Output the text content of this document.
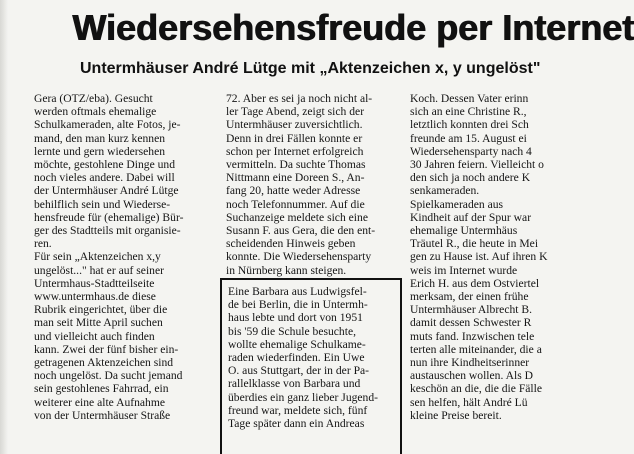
Wiedersehensfreude per Internet
Untermhäuser André Lütge mit „Aktenzeichen x, y ungelöst"
Gera (OTZ/eba). Gesucht
werden oftmals ehemalige
Schulkameraden, alte Fotos, je-
mand, den man kurz kennen
lernte und gern wiedersehen
möchte, gestohlene Dinge und
noch vieles andere. Dabei will
der Untermhäuser André Lütge
behilflich sein und Wiederse-
hensfreude für (ehemalige) Bür-
ger des Stadtteils mit organisie-
ren.
Für sein „Aktenzeichen x,y
ungelöst..." hat er auf seiner
Untermhaus-Stadtteilseite
www.untermhaus.de diese
Rubrik eingerichtet, über die
man seit Mitte April suchen
und vielleicht auch finden
kann. Zwei der fünf bisher ein-
getragenen Aktenzeichen sind
noch ungelöst. Da sucht jemand
sein gestohlenes Fahrrad, ein
weiterer eine alte Aufnahme
von der Untermhäuser Straße
72. Aber es sei ja noch nicht al-
ler Tage Abend, zeigt sich der
Untermhäuser zuversichtlich.
Denn in drei Fällen konnte er
schon per Internet erfolgreich
vermitteln. Da suchte Thomas
Nittmann eine Doreen S., An-
fang 20, hatte weder Adresse
noch Telefonnummer. Auf die
Suchanzeige meldete sich eine
Susann F. aus Gera, die den ent-
scheidenden Hinweis geben
konnte. Die Wiedersehensparty
in Nürnberg kann steigen.
Eine Barbara aus Ludwigsfel-
de bei Berlin, die in Untermh-
haus lebte und dort von 1951
bis '59 die Schule besuchte,
wollte ehemalige Schulkame-
raden wiederfinden. Ein Uwe
O. aus Stuttgart, der in der Pa-
rallelklasse von Barbara und
überdies ein ganz lieber Jugend-
freund war, meldete sich, fünf
Tage später dann ein Andreas
Koch. Dessen Vater erinn
sich an eine Christine R.,
letztlich konnten drei Sch
freunde am 15. August ei
Wiedersehensparty nach 4
30 Jahren feiern. Vielleicht o
den sich ja noch andere K
senkameraden.
Spielkameraden aus
Kindheit auf der Spur war
ehemalige Untermhäus
Träutel R., die heute in Mei
gen zu Hause ist. Auf ihren K
weis im Internet wurde
Erich H. aus dem Ostviertel
merksam, der einen frühe
Untermhäuser Albrecht B.
damit dessen Schwester R
muts fand. Inzwischen tele
terten alle miteinander, die a
nun ihre Kindheitserinner
austauschen wollen. Als D
keschön an die, die die Fälle
sen helfen, hält André Lü
kleine Preise bereit.
